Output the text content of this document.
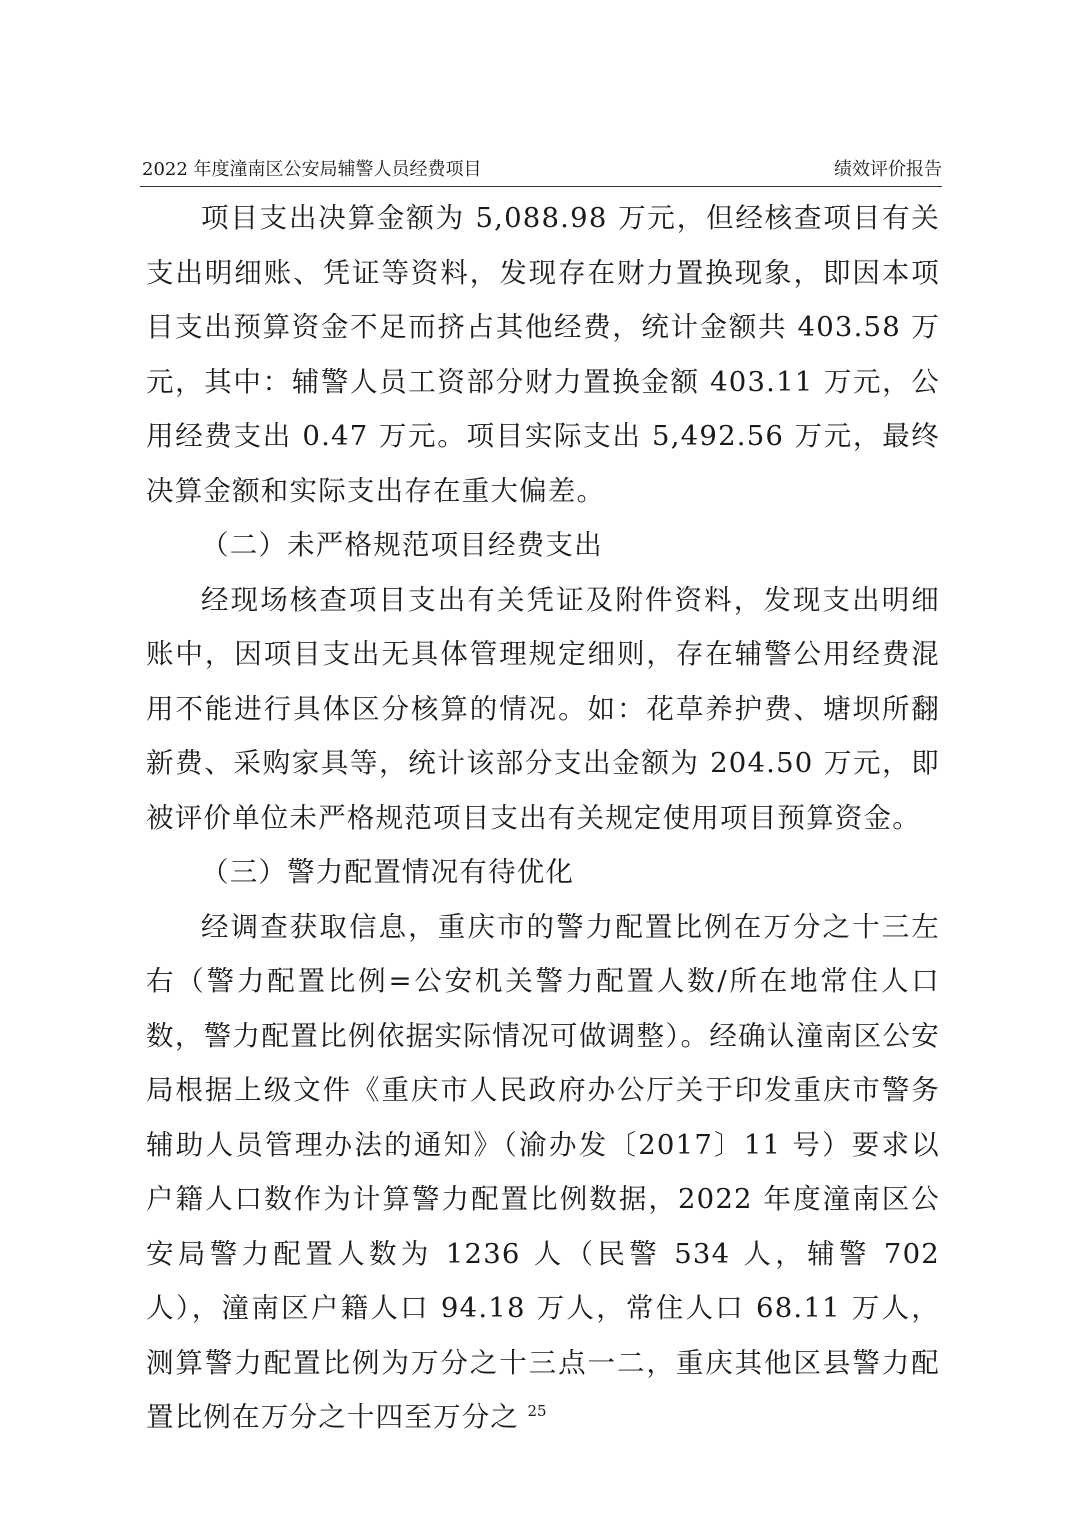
2022 年度潼南区公安局辅警人员经费项目	绩效评价报告

项目支出决算金额为 5,088.98 万元，但经核查项目有关支出明细账、凭证等资料，发现存在财力置换现象，即因本项目支出预算资金不足而挤占其他经费，统计金额共 403.58 万元，其中：辅警人员工资部分财力置换金额 403.11 万元，公用经费支出 0.47 万元。项目实际支出 5,492.56 万元，最终决算金额和实际支出存在重大偏差。

（二）未严格规范项目经费支出

经现场核查项目支出有关凭证及附件资料，发现支出明细账中，因项目支出无具体管理规定细则，存在辅警公用经费混用不能进行具体区分核算的情况。如：花草养护费、塘坝所翻新费、采购家具等，统计该部分支出金额为 204.50 万元，即被评价单位未严格规范项目支出有关规定使用项目预算资金。

（三）警力配置情况有待优化

经调查获取信息，重庆市的警力配置比例在万分之十三左右（警力配置比例=公安机关警力配置人数/所在地常住人口数，警力配置比例依据实际情况可做调整）。经确认潼南区公安局根据上级文件《重庆市人民政府办公厅关于印发重庆市警务辅助人员管理办法的通知》（渝办发〔2017〕11 号）要求以户籍人口数作为计算警力配置比例数据，2022 年度潼南区公安局警力配置人数为 1236 人（民警 534 人，辅警 702 人），潼南区户籍人口 94.18 万人，常住人口 68.11 万人，测算警力配置比例为万分之十三点一二，重庆其他区县警力配置比例在万分之十四至万分之 25
